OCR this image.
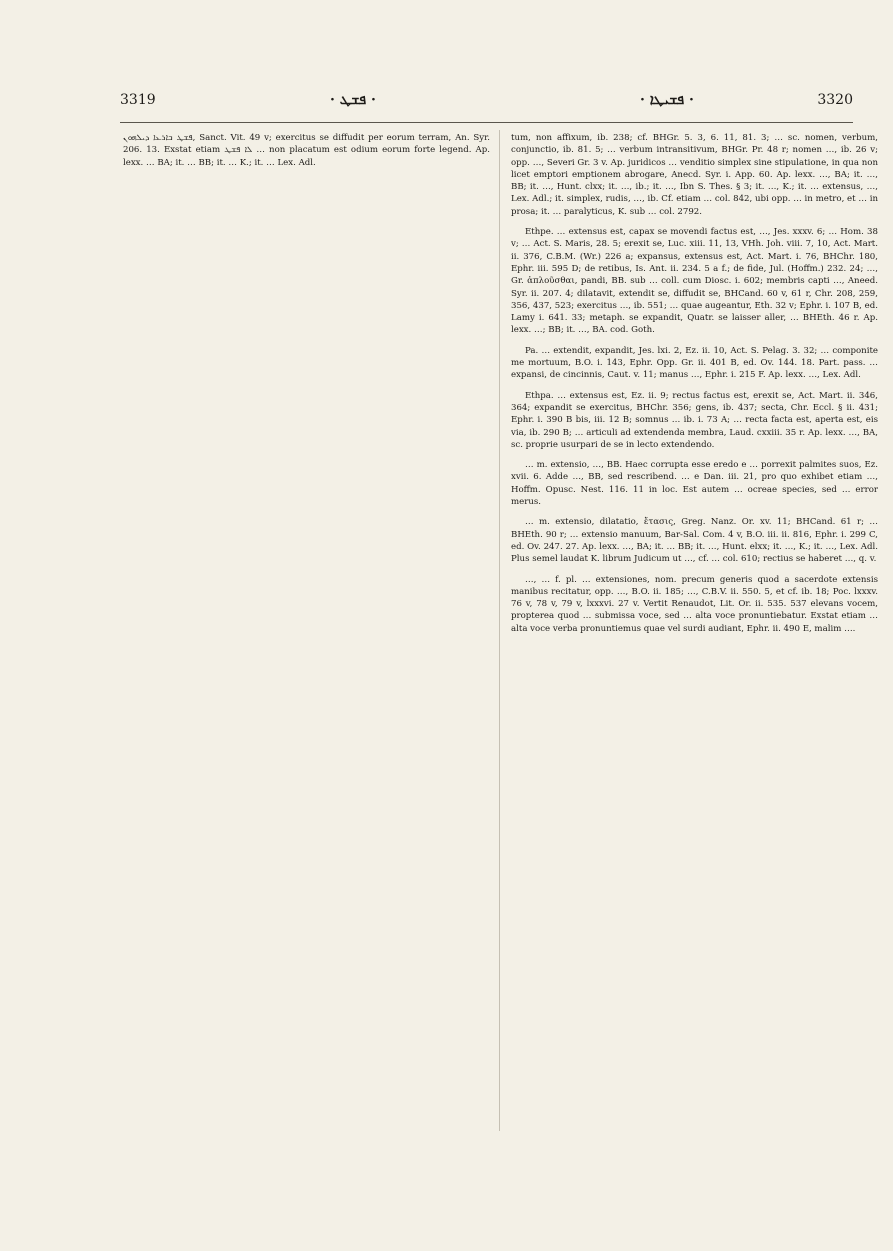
3319	· ܦܫܛ ·	· ܦܫܝܛܐ ·	3320

ܦܫܛ ܒܐܪܥܐ ܕܝܠܗܘܢ, Sanct. Vit. 49 v; exercitus se diffudit per eorum terram, An. Syr. 206. 13. Exstat etiam ܠܐ ܦܫܛ … non placatum est odium eorum forte legend. Ap. lexx. … BA; it. … BB; it. … K.; it. … Lex. Adl.

tum, non affixum, ib. 238; cf. BHGr. 5. 3, 6. 11, 81. 3; … sc. nomen, verbum, conjunctio, ib. 81. 5; … verbum intransitivum, BHGr. Pr. 48 r; nomen …, ib. 26 v; opp. …, Severi Gr. 3 v. Ap. juridicos … venditio simplex sine stipulatione, in qua non licet emptori emptionem abrogare, Anecd. Syr. i. App. 60. Ap. lexx. …, BA; it. …, BB; it. …, Hunt. clxx; it. …, ib.; it. …, Ibn S. Thes. § 3; it. …, K.; it. … extensus, …, Lex. Adl.; it. simplex, rudis, …, ib. Cf. etiam … col. 842, ubi opp. … in metro, et … in prosa; it. … paralyticus, K. sub … col. 2792.

Ethpe. … extensus est, capax se movendi factus est, …, Jes. xxxv. 6; … Hom. 38 v; … Act. S. Maris, 28. 5; erexit se, Luc. xiii. 11, 13, VHh. Joh. viii. 7, 10, Act. Mart. ii. 376, C.B.M. (Wr.) 226 a; expansus, extensus est, Act. Mart. i. 76, BHChr. 180, Ephr. iii. 595 D; de retibus, Is. Ant. ii. 234. 5 a f.; de fide, Jul. (Hoffm.) 232. 24; …, Gr. ἀπλοῦσθαι, pandi, BB. sub … coll. cum Diosc. i. 602; membris capti …, Aneed. Syr. ii. 207. 4; dilatavit, extendit se, diffudit se, BHCand. 60 v, 61 r, Chr. 208, 259, 356, 437, 523; exercitus …, ib. 551; … quae augeantur, Eth. 32 v; Ephr. i. 107 B, ed. Lamy i. 641. 33; metaph. se expandit, Quatr. se laisser aller, … BHEth. 46 r. Ap. lexx. …; BB; it. …, BA. cod. Goth.

Pa. … extendit, expandit, Jes. lxi. 2, Ez. ii. 10, Act. S. Pelag. 3. 32; … componite me mortuum, B.O. i. 143, Ephr. Opp. Gr. ii. 401 B, ed. Ov. 144. 18. Part. pass. … expansi, de cincinnis, Caut. v. 11; manus …, Ephr. i. 215 F. Ap. lexx. …, Lex. Adl.

Ethpa. … extensus est, Ez. ii. 9; rectus factus est, erexit se, Act. Mart. ii. 346, 364; expandit se exercitus, BHChr. 356; gens, ib. 437; secta, Chr. Eccl. § ii. 431; Ephr. i. 390 B bis, iii. 12 B; somnus … ib. i. 73 A; … recta facta est, aperta est, eis via, ib. 290 B; … articuli ad extendenda membra, Laud. cxxiii. 35 r. Ap. lexx. …, BA, sc. proprie usurpari de se in lecto extendendo.

… m. extensio, …, BB. Haec corrupta esse eredo e … porrexit palmites suos, Ez. xvii. 6. Adde …, BB, sed rescribend. … e Dan. iii. 21, pro quo exhibet etiam …, Hoffm. Opusc. Nest. 116. 11 in loc. Est autem … ocreae species, sed … error merus.

… m. extensio, dilatatio, ἔτασις, Greg. Nanz. Or. xv. 11; BHCand. 61 r; … BHEth. 90 r; … extensio manuum, Bar-Sal. Com. 4 v, B.O. iii. ii. 816, Ephr. i. 299 C, ed. Ov. 247. 27. Ap. lexx. …, BA; it. … BB; it. …, Hunt. elxx; it. …, K.; it. …, Lex. Adl. Plus semel laudat K. librum Judicum ut …, cf. … col. 610; rectius se haberet …, q. v.

…, … f. pl. … extensiones, nom. precum generis quod a sacerdote extensis manibus recitatur, opp. …, B.O. ii. 185; …, C.B.V. ii. 550. 5, et cf. ib. 18; Poc. lxxxv. 76 v, 78 v, 79 v, lxxxvi. 27 v. Vertit Renaudot, Lit. Or. ii. 535. 537 elevans vocem, propterea quod … submissa voce, sed … alta voce pronuntiebatur. Exstat etiam … alta voce verba pronuntiemus quae vel surdi audiant, Ephr. ii. 490 E, malim ….
